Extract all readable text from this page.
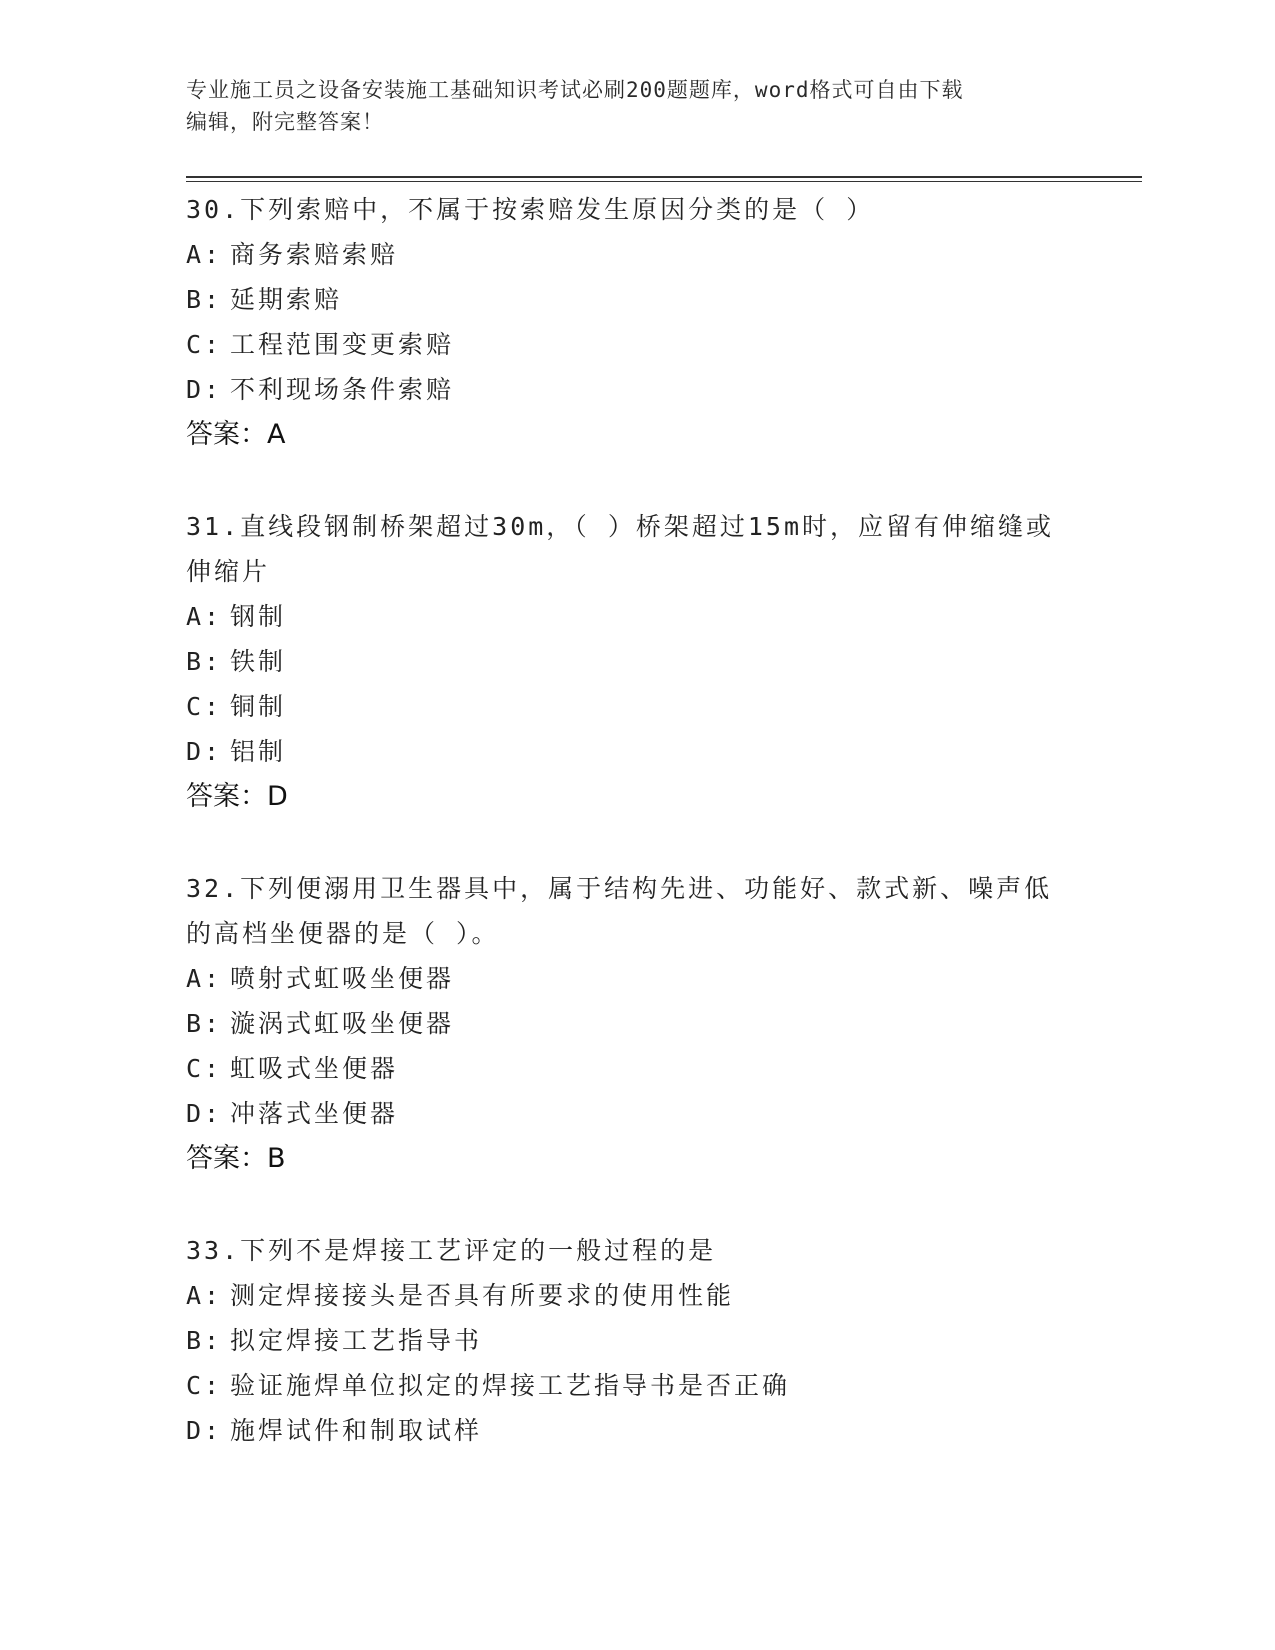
专业施工员之设备安装施工基础知识考试必刷200题题库，word格式可自由下载
编辑，附完整答案！
30.下列索赔中，不属于按索赔发生原因分类的是（ ）
A: 商务索赔索赔
B: 延期索赔
C: 工程范围变更索赔
D: 不利现场条件索赔
答案：A
31.直线段钢制桥架超过30m，（ ）桥架超过15m时，应留有伸缩缝或
伸缩片
A: 钢制
B: 铁制
C: 铜制
D: 铝制
答案：D
32.下列便溺用卫生器具中，属于结构先进、功能好、款式新、噪声低
的高档坐便器的是（ ）。
A: 喷射式虹吸坐便器
B: 漩涡式虹吸坐便器
C: 虹吸式坐便器
D: 冲落式坐便器
答案：B
33.下列不是焊接工艺评定的一般过程的是
A: 测定焊接接头是否具有所要求的使用性能
B: 拟定焊接工艺指导书
C: 验证施焊单位拟定的焊接工艺指导书是否正确
D: 施焊试件和制取试样
